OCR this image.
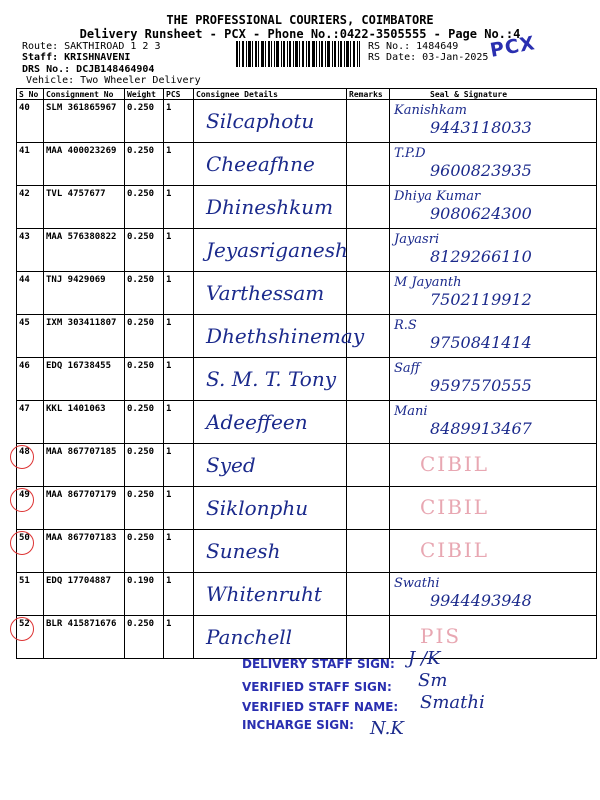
THE PROFESSIONAL COURIERS, COIMBATORE
Delivery Runsheet - PCX - Phone No.:0422-3505555 - Page No.:4
Route: SAKTHIROAD 1 2 3
Staff: KRISHNAVENI
DRS No.: DCJB148464904
Vehicle: Two Wheeler Delivery
RS No.: 1484649
RS Date: 03-Jan-2025 PCX
S No	Consignment No	Weight	PCS	Consignee Details	Remarks	Seal & Signature
40	SLM 361865967	0.250	1	Silcaphotu		Kanishkam
9443118033

41	MAA 400023269	0.250	1	Cheeafhne		T.P.D
9600823935

42	TVL 4757677	0.250	1	Dhineshkum		Dhiya Kumar
9080624300

43	MAA 576380822	0.250	1	Jeyasriganesh		Jayasri
8129266110

44	TNJ 9429069	0.250	1	Varthessam		M Jayanth
7502119912

45	IXM 303411807	0.250	1	Dhethshinemay		R.S
9750841414

46	EDQ 16738455	0.250	1	S. M. T. Tony		Saff
9597570555

47	KKL 1401063	0.250	1	Adeeffeen		Mani
8489913467

48	MAA 867707185	0.250	1	Syed		CIBIL

49	MAA 867707179	0.250	1	Siklonphu		CIBIL

50	MAA 867707183	0.250	1	Sunesh		CIBIL

51	EDQ 17704887	0.190	1	Whitenruht		Swathi
9944493948

52	BLR 415871676	0.250	1	Panchell		PIS
DELIVERY STAFF SIGN: J /K
VERIFIED STAFF SIGN: Sm
VERIFIED STAFF NAME: Smathi
INCHARGE SIGN: N.K
